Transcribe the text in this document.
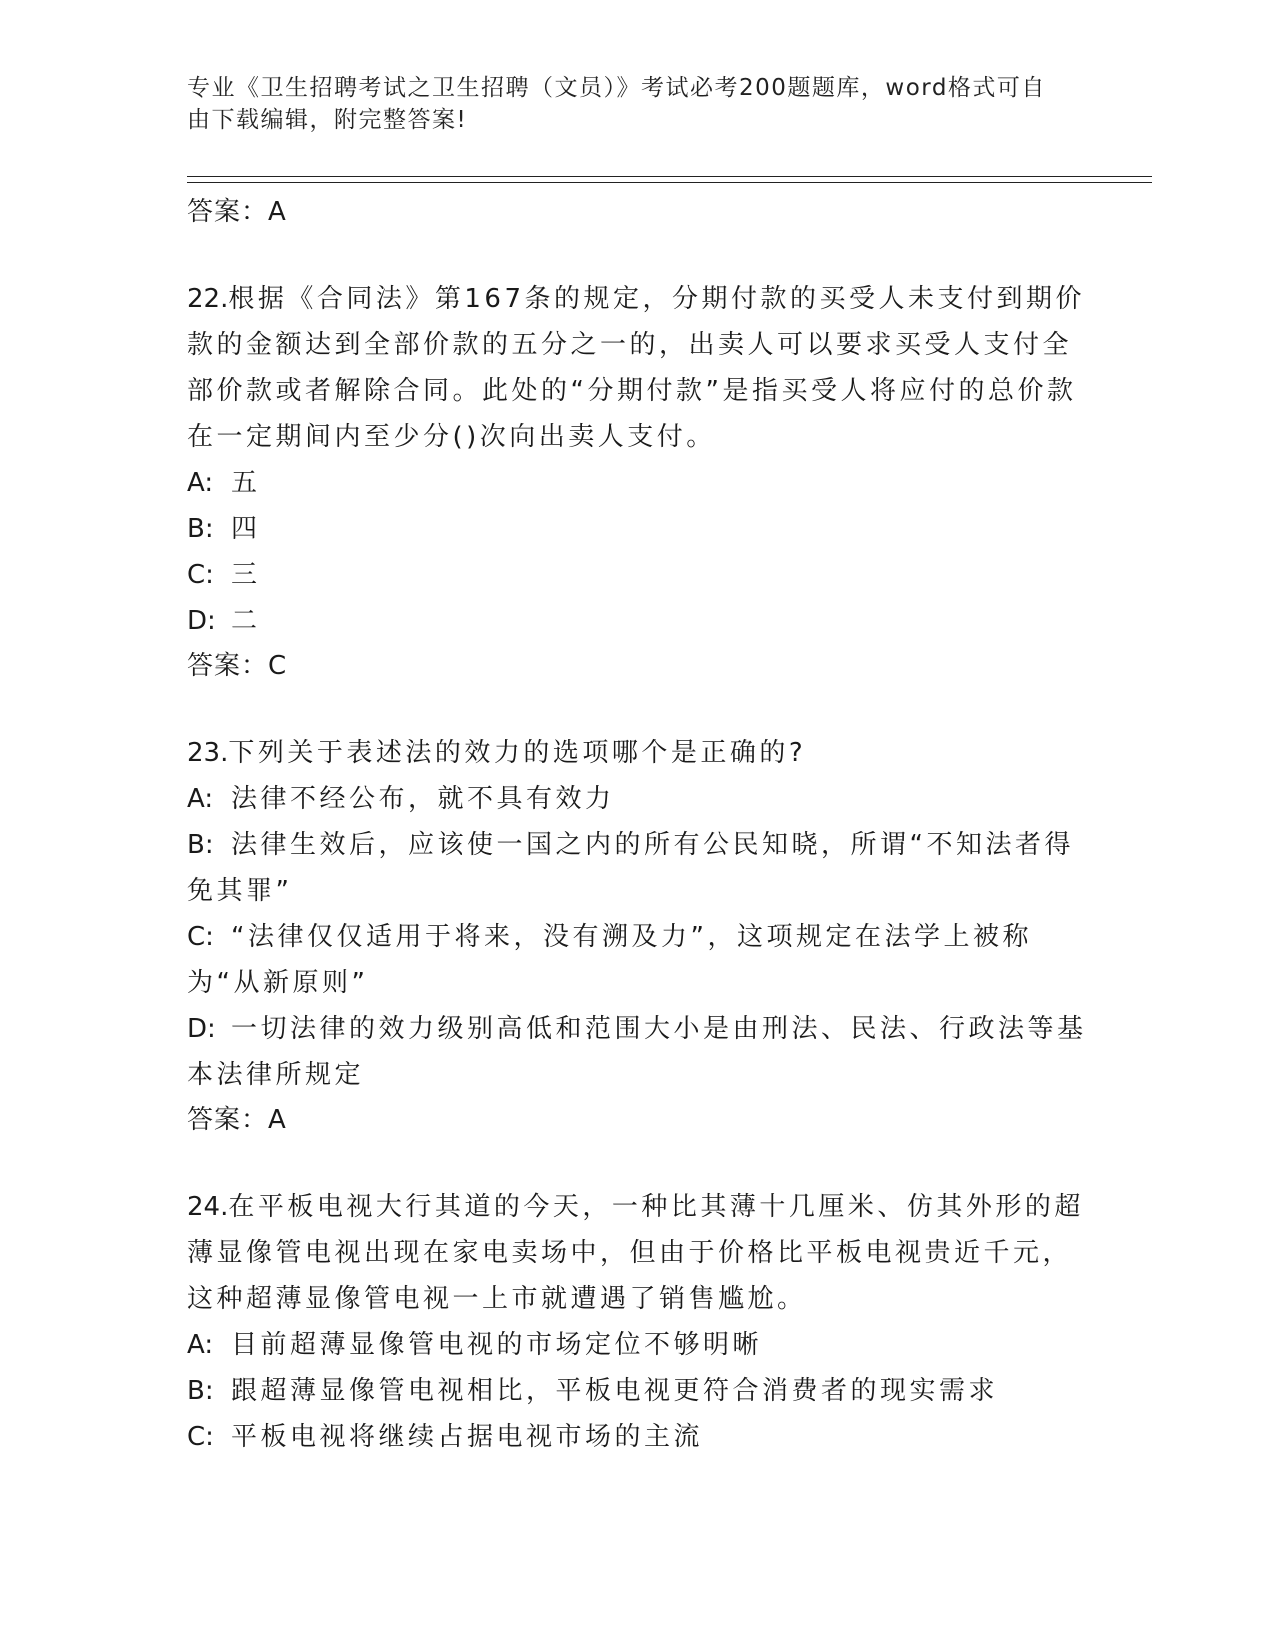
专业《卫生招聘考试之卫生招聘（文员）》考试必考200题题库，word格式可自
由下载编辑，附完整答案!
答案：A
22.根据《合同法》第167条的规定，分期付款的买受人未支付到期价款的金额达到全部价款的五分之一的，出卖人可以要求买受人支付全部价款或者解除合同。此处的“分期付款”是指买受人将应付的总价款在一定期间内至少分()次向出卖人支付。
A: 五
B: 四
C: 三
D: 二
答案：C
23.下列关于表述法的效力的选项哪个是正确的?
A: 法律不经公布，就不具有效力
B: 法律生效后，应该使一国之内的所有公民知晓，所谓“不知法者得免其罪”
C: “法律仅仅适用于将来，没有溯及力”，这项规定在法学上被称为“从新原则”
D: 一切法律的效力级别高低和范围大小是由刑法、民法、行政法等基本法律所规定
答案：A
24.在平板电视大行其道的今天，一种比其薄十几厘米、仿其外形的超薄显像管电视出现在家电卖场中，但由于价格比平板电视贵近千元，这种超薄显像管电视一上市就遭遇了销售尴尬。
A: 目前超薄显像管电视的市场定位不够明晰
B: 跟超薄显像管电视相比，平板电视更符合消费者的现实需求
C: 平板电视将继续占据电视市场的主流
